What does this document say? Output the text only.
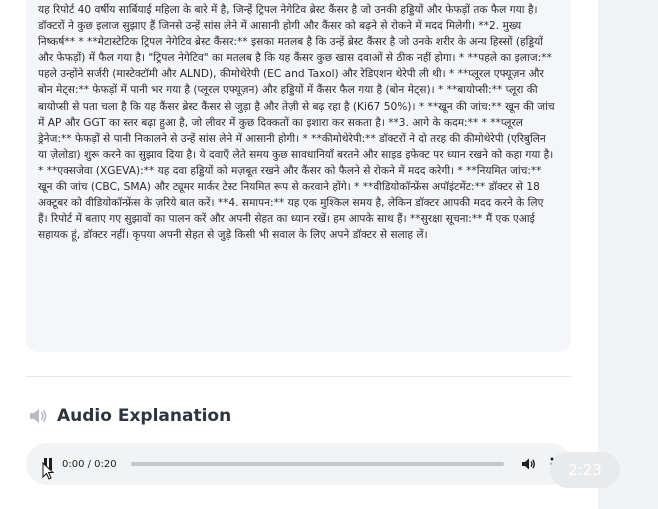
यह रिपोर्ट 40 वर्षीय सार्बियाई महिला के बारे में है, जिन्हें ट्रिपल नेगेटिव ब्रेस्ट कैंसर है जो उनकी हड्डियों और फेफड़ों तक फैल गया है। डॉक्टरों ने कुछ इलाज सुझाए हैं जिनसे उन्हें सांस लेने में आसानी होगी और कैंसर को बढ़ने से रोकने में मदद मिलेगी। **2. मुख्य निष्कर्ष** * **मेटास्टेटिक ट्रिपल नेगेटिव ब्रेस्ट कैंसर:** इसका मतलब है कि उन्हें ब्रेस्ट कैंसर है जो उनके शरीर के अन्य हिस्सों (हड्डियों और फेफड़ों) में फैल गया है। "ट्रिपल नेगेटिव" का मतलब है कि यह कैंसर कुछ खास दवाओं से ठीक नहीं होगा। * **पहले का इलाज:** पहले उन्होंने सर्जरी (मास्टेक्टॉमी और ALND), कीमोथेरेपी (EC and Taxol) और रेडिएशन थेरेपी ली थी। * **प्लूरल एफ्यूज़न और बोन मेट्स:** फेफड़ों में पानी भर गया है (प्लूरल एफ्यूज़न) और हड्डियों में कैंसर फैल गया है (बोन मेट्स)। * **बायोप्सी:** प्लूरा की बायोप्सी से पता चला है कि यह कैंसर ब्रेस्ट कैंसर से जुड़ा है और तेज़ी से बढ़ रहा है (Ki67 50%)। * **खून की जांच:** खून की जांच में AP और GGT का स्तर बढ़ा हुआ है, जो लीवर में कुछ दिक्कतों का इशारा कर सकता है। **3. आगे के कदम:** * **प्लूरल ड्रेनेज:** फेफड़ों से पानी निकालने से उन्हें सांस लेने में आसानी होगी। * **कीमोथेरेपी:** डॉक्टरों ने दो तरह की कीमोथेरेपी (एरिबुलिन या ज़ेलोडा) शुरू करने का सुझाव दिया है। ये दवाएँ लेते समय कुछ सावधानियाँ बरतने और साइड इफेक्ट पर ध्यान रखने को कहा गया है। * **एक्सजेवा (XGEVA):** यह दवा हड्डियों को मज़बूत रखने और कैंसर को फैलने से रोकने में मदद करेगी। * **नियमित जांच:** खून की जांच (CBC, SMA) और ट्यूमर मार्कर टेस्ट नियमित रूप से करवाने होंगे। * **वीडियोकॉन्फ्रेंस अपॉइंटमेंट:** डॉक्टर से 18 अक्टूबर को वीडियोकॉन्फ्रेंस के ज़रिये बात करें। **4. समापन:** यह एक मुश्किल समय है, लेकिन डॉक्टर आपकी मदद करने के लिए हैं। रिपोर्ट में बताए गए सुझावों का पालन करें और अपनी सेहत का ध्यान रखें। हम आपके साथ हैं। **सुरक्षा सूचना:** मैं एक एआई सहायक हूं, डॉक्टर नहीं। कृपया अपनी सेहत से जुड़े किसी भी सवाल के लिए अपने डॉक्टर से सलाह लें।

Audio Explanation
0:00 / 0:20	2:23
